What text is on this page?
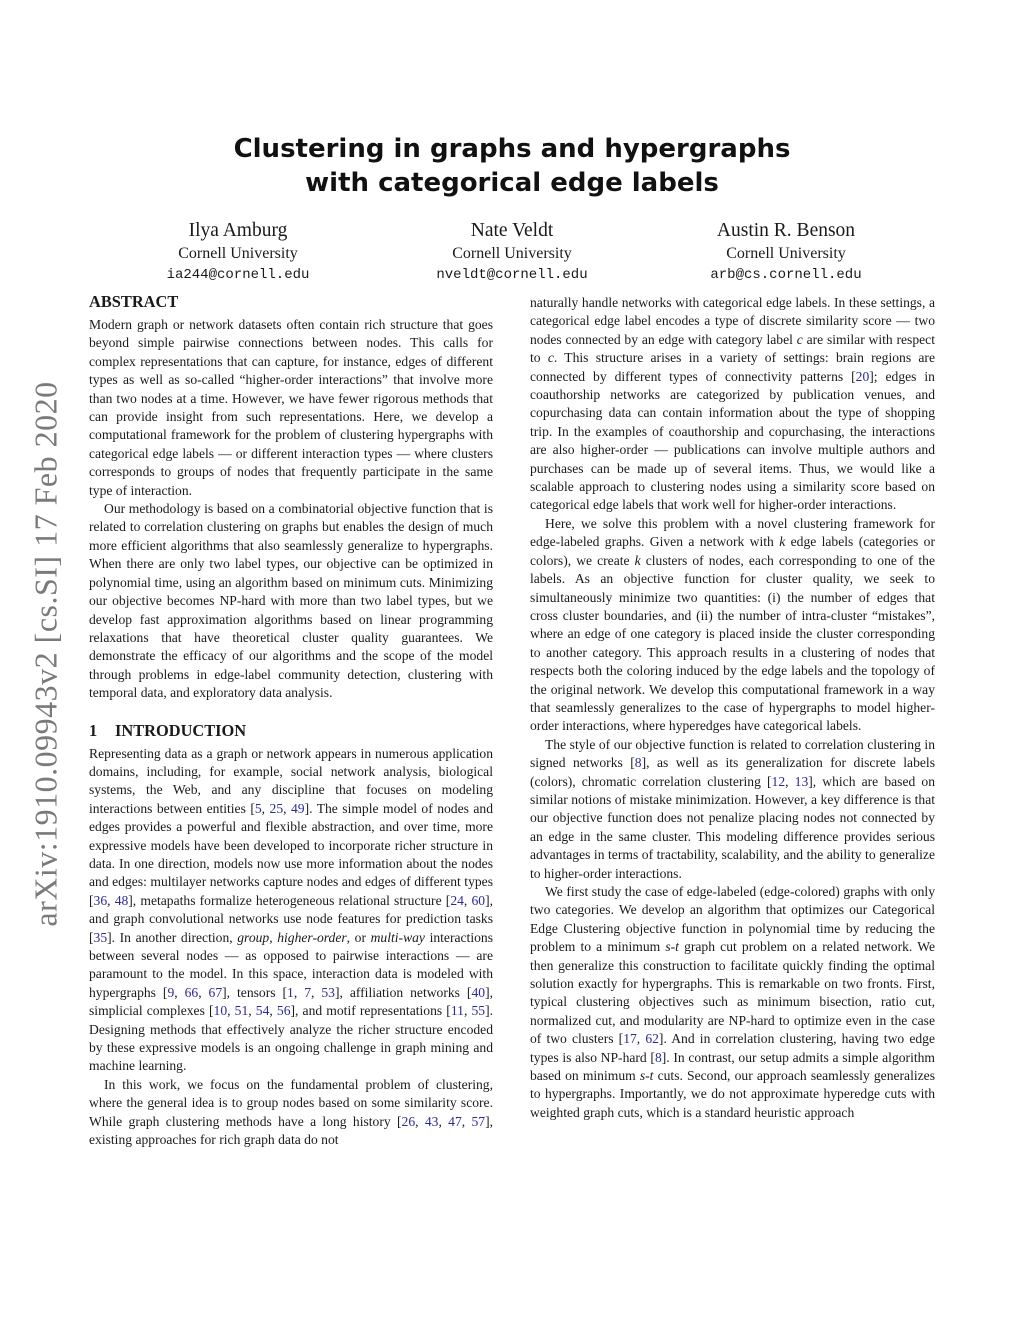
arXiv:1910.09943v2 [cs.SI] 17 Feb 2020
Clustering in graphs and hypergraphs
with categorical edge labels
Ilya Amburg
Cornell University
ia244@cornell.edu
Nate Veldt
Cornell University
nveldt@cornell.edu
Austin R. Benson
Cornell University
arb@cs.cornell.edu
ABSTRACT

Modern graph or network datasets often contain rich structure that goes beyond simple pairwise connections between nodes. This calls for complex representations that can capture, for instance, edges of different types as well as so-called “higher-order interactions” that involve more than two nodes at a time. However, we have fewer rigorous methods that can provide insight from such representations. Here, we develop a computational framework for the problem of clustering hypergraphs with categorical edge labels — or different interaction types — where clusters corresponds to groups of nodes that frequently participate in the same type of interaction.

Our methodology is based on a combinatorial objective function that is related to correlation clustering on graphs but enables the design of much more efficient algorithms that also seamlessly generalize to hypergraphs. When there are only two label types, our objective can be optimized in polynomial time, using an algorithm based on minimum cuts. Minimizing our objective becomes NP-hard with more than two label types, but we develop fast approximation algorithms based on linear programming relaxations that have theoretical cluster quality guarantees. We demonstrate the efficacy of our algorithms and the scope of the model through problems in edge-label community detection, clustering with temporal data, and exploratory data analysis.

1 INTRODUCTION

Representing data as a graph or network appears in numerous application domains, including, for example, social network analysis, biological systems, the Web, and any discipline that focuses on modeling interactions between entities [5, 25, 49]. The simple model of nodes and edges provides a powerful and flexible abstraction, and over time, more expressive models have been developed to incorporate richer structure in data. In one direction, models now use more information about the nodes and edges: multilayer networks capture nodes and edges of different types [36, 48], metapaths formalize heterogeneous relational structure [24, 60], and graph convolutional networks use node features for prediction tasks [35]. In another direction, group, higher-order, or multi-way interactions between several nodes — as opposed to pairwise interactions — are paramount to the model. In this space, interaction data is modeled with hypergraphs [9, 66, 67], tensors [1, 7, 53], affiliation networks [40], simplicial complexes [10, 51, 54, 56], and motif representations [11, 55]. Designing methods that effectively analyze the richer structure encoded by these expressive models is an ongoing challenge in graph mining and machine learning.

In this work, we focus on the fundamental problem of clustering, where the general idea is to group nodes based on some similarity score. While graph clustering methods have a long history [26, 43, 47, 57], existing approaches for rich graph data do not

naturally handle networks with categorical edge labels. In these settings, a categorical edge label encodes a type of discrete similarity score — two nodes connected by an edge with category label c are similar with respect to c. This structure arises in a variety of settings: brain regions are connected by different types of connectivity patterns [20]; edges in coauthorship networks are categorized by publication venues, and copurchasing data can contain information about the type of shopping trip. In the examples of coauthorship and copurchasing, the interactions are also higher-order — publications can involve multiple authors and purchases can be made up of several items. Thus, we would like a scalable approach to clustering nodes using a similarity score based on categorical edge labels that work well for higher-order interactions.

Here, we solve this problem with a novel clustering framework for edge-labeled graphs. Given a network with k edge labels (categories or colors), we create k clusters of nodes, each corresponding to one of the labels. As an objective function for cluster quality, we seek to simultaneously minimize two quantities: (i) the number of edges that cross cluster boundaries, and (ii) the number of intra-cluster “mistakes”, where an edge of one category is placed inside the cluster corresponding to another category. This approach results in a clustering of nodes that respects both the coloring induced by the edge labels and the topology of the original network. We develop this computational framework in a way that seamlessly generalizes to the case of hypergraphs to model higher-order interactions, where hyperedges have categorical labels.

The style of our objective function is related to correlation clustering in signed networks [8], as well as its generalization for discrete labels (colors), chromatic correlation clustering [12, 13], which are based on similar notions of mistake minimization. However, a key difference is that our objective function does not penalize placing nodes not connected by an edge in the same cluster. This modeling difference provides serious advantages in terms of tractability, scalability, and the ability to generalize to higher-order interactions.

We first study the case of edge-labeled (edge-colored) graphs with only two categories. We develop an algorithm that optimizes our Categorical Edge Clustering objective function in polynomial time by reducing the problem to a minimum s-t graph cut problem on a related network. We then generalize this construction to facilitate quickly finding the optimal solution exactly for hypergraphs. This is remarkable on two fronts. First, typical clustering objectives such as minimum bisection, ratio cut, normalized cut, and modularity are NP-hard to optimize even in the case of two clusters [17, 62]. And in correlation clustering, having two edge types is also NP-hard [8]. In contrast, our setup admits a simple algorithm based on minimum s-t cuts. Second, our approach seamlessly generalizes to hypergraphs. Importantly, we do not approximate hyperedge cuts with weighted graph cuts, which is a standard heuristic approach
